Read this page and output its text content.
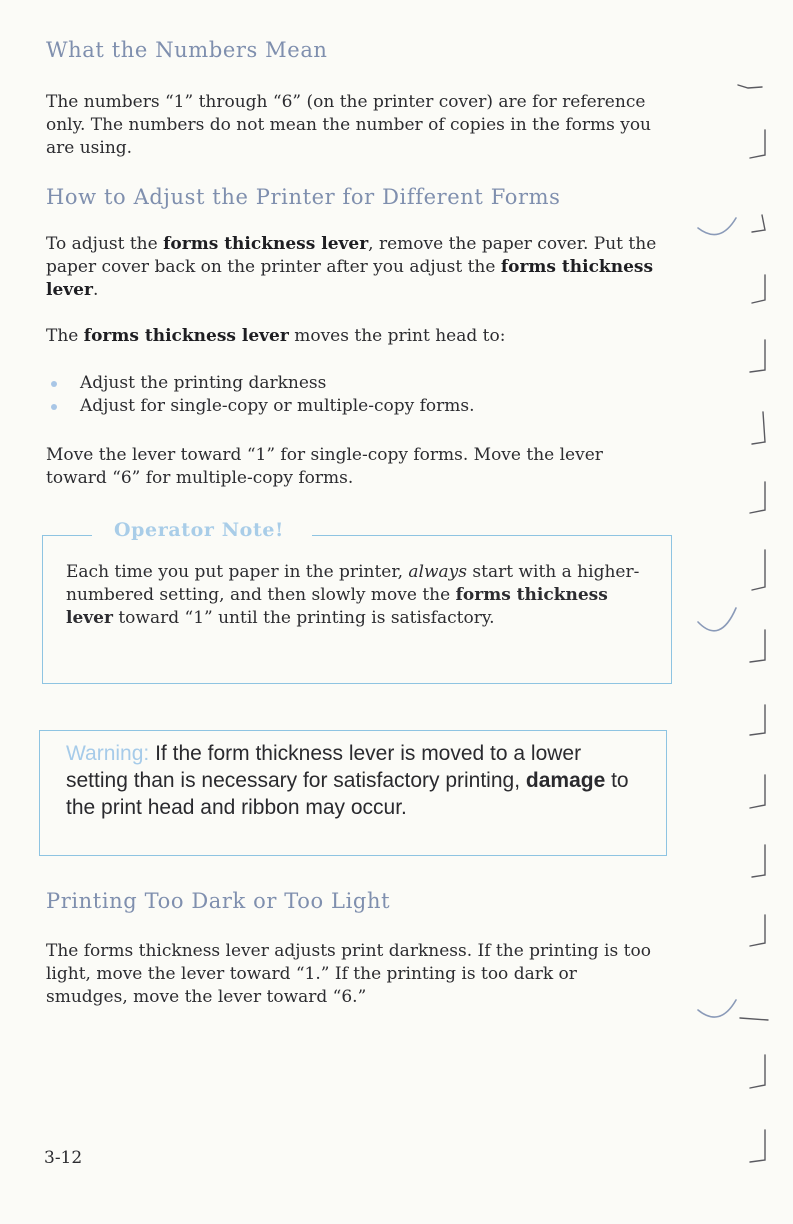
What the Numbers Mean

The numbers “1” through “6” (on the printer cover) are for reference only. The numbers do not mean the number of copies in the forms you are using.

How to Adjust the Printer for Different Forms

To adjust the forms thickness lever, remove the paper cover. Put the paper cover back on the printer after you adjust the forms thickness lever.

The forms thickness lever moves the print head to:

Adjust the printing darkness
Adjust for single-copy or multiple-copy forms.

Move the lever toward “1” for single-copy forms. Move the lever toward “6” for multiple-copy forms.

Operator Note!

Each time you put paper in the printer, always start with a higher-numbered setting, and then slowly move the forms thickness lever toward “1” until the printing is satisfactory.

Warning: If the form thickness lever is moved to a lower setting than is necessary for satisfactory printing, damage to the print head and ribbon may occur.

Printing Too Dark or Too Light

The forms thickness lever adjusts print darkness. If the printing is too light, move the lever toward “1.” If the printing is too dark or smudges, move the lever toward “6.”

3-12
